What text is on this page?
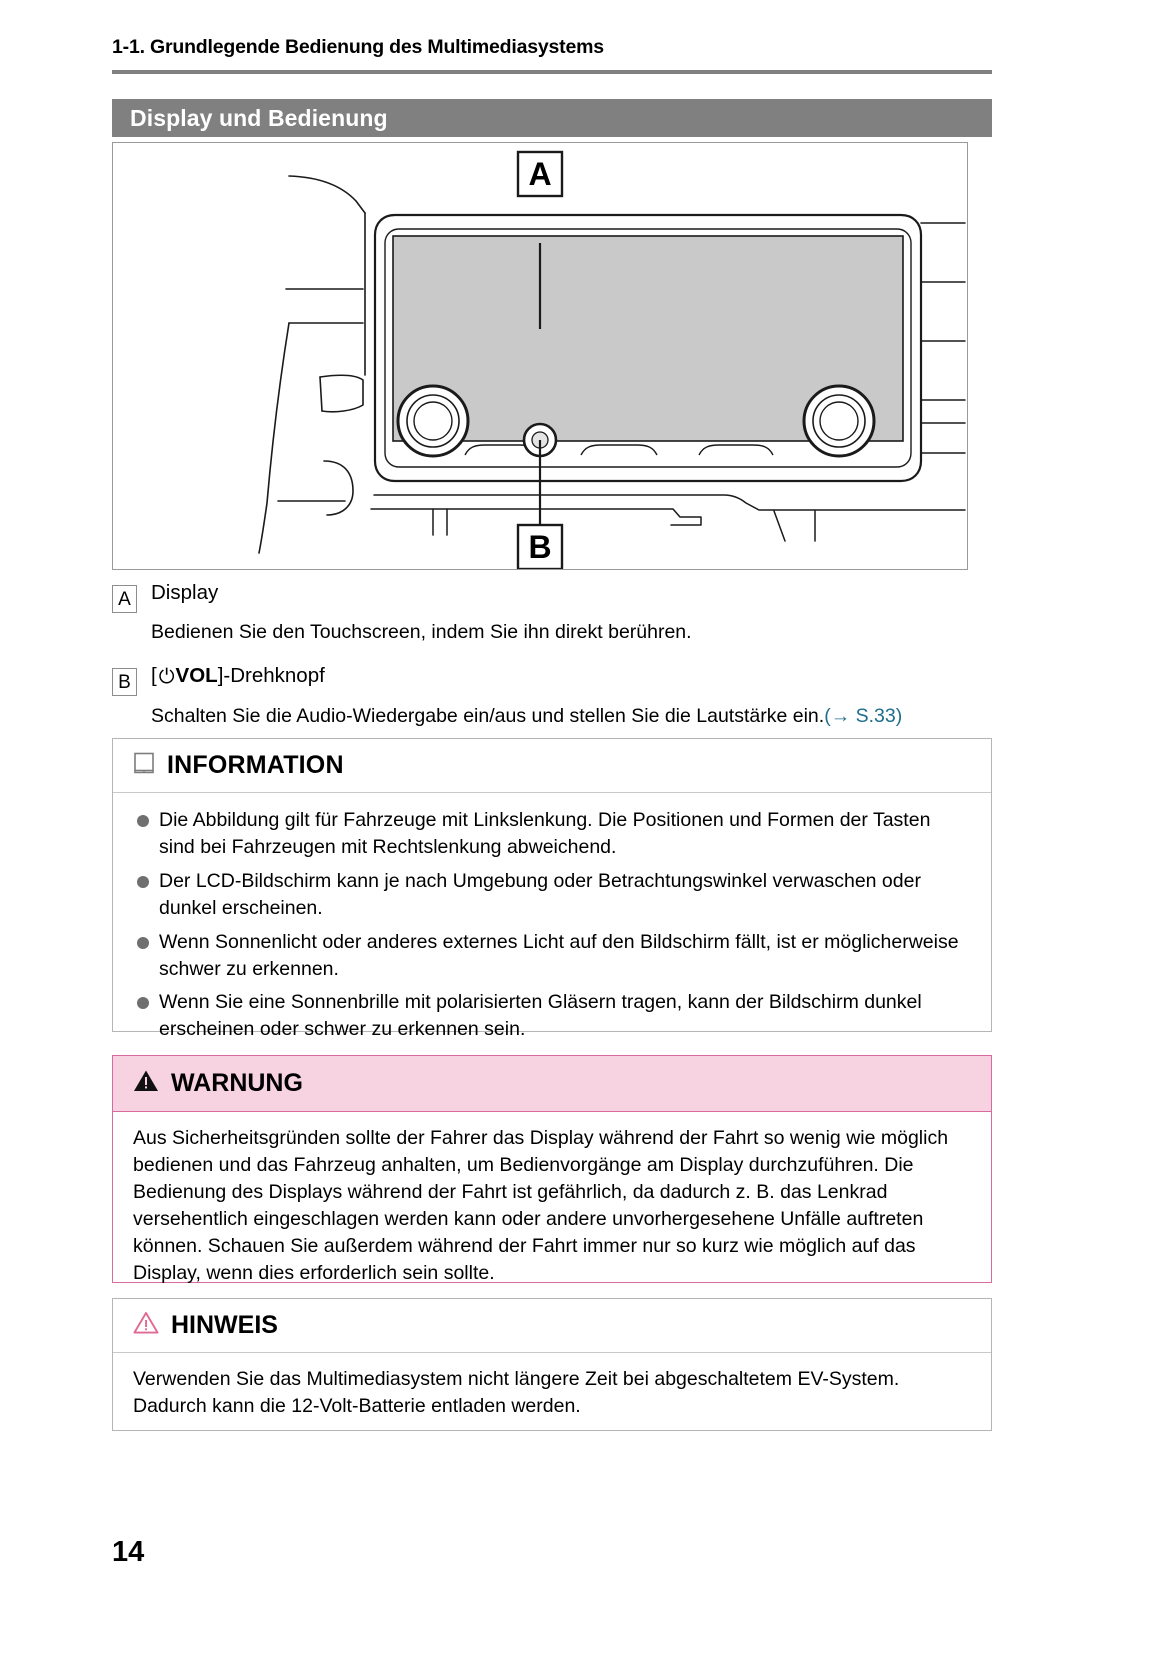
1-1. Grundlegende Bedienung des Multimediasystems
Display und Bedienung
A
B
A Display
Bedienen Sie den Touchscreen, indem Sie ihn direkt berühren.
B [ ⏻VOL]-Drehknopf
Schalten Sie die Audio-Wiedergabe ein/aus und stellen Sie die Lautstärke ein.(→ S.33)
INFORMATION
Die Abbildung gilt für Fahrzeuge mit Linkslenkung. Die Positionen und Formen der Tasten sind bei Fahrzeugen mit Rechtslenkung abweichend.
Der LCD-Bildschirm kann je nach Umgebung oder Betrachtungswinkel verwaschen oder dunkel erscheinen.
Wenn Sonnenlicht oder anderes externes Licht auf den Bildschirm fällt, ist er möglicherweise schwer zu erkennen.
Wenn Sie eine Sonnenbrille mit polarisierten Gläsern tragen, kann der Bildschirm dunkel erscheinen oder schwer zu erkennen sein.
WARNUNG
Aus Sicherheitsgründen sollte der Fahrer das Display während der Fahrt so wenig wie möglich bedienen und das Fahrzeug anhalten, um Bedienvorgänge am Display durchzuführen. Die Bedienung des Displays während der Fahrt ist gefährlich, da dadurch z. B. das Lenkrad versehentlich eingeschlagen werden kann oder andere unvorhergesehene Unfälle auftreten können. Schauen Sie außerdem während der Fahrt immer nur so kurz wie möglich auf das Display, wenn dies erforderlich sein sollte.
HINWEIS
Verwenden Sie das Multimediasystem nicht längere Zeit bei abgeschaltetem EV-System. Dadurch kann die 12-Volt-Batterie entladen werden.
14
